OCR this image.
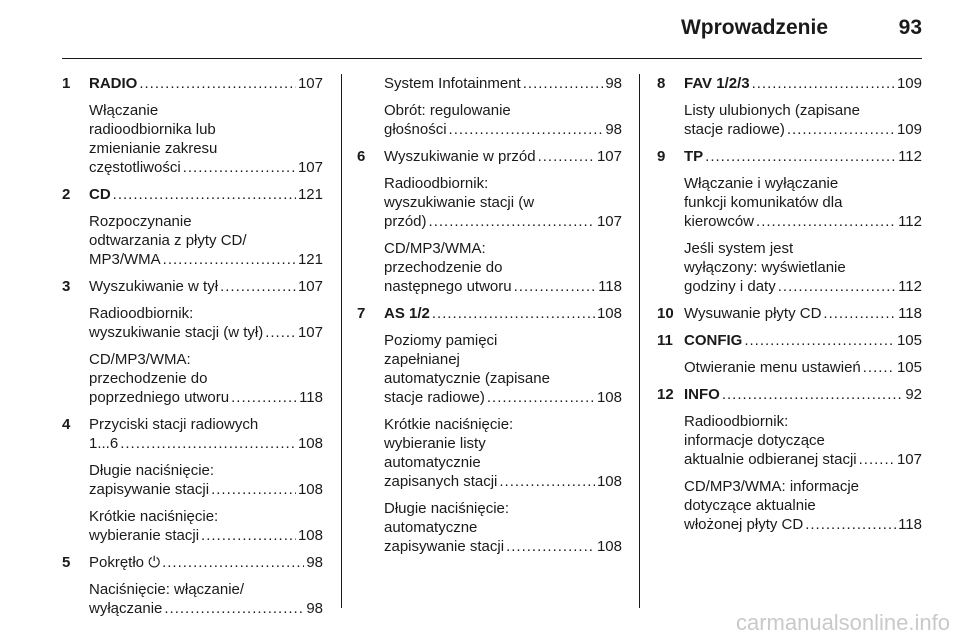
Wprowadzenie	93
1 RADIO .....	107
Włączanie
radioodbiornika lub
zmienianie zakresu
częstotliwości .....	107
2 CD .....	121
Rozpoczynanie
odtwarzania z płyty CD/
MP3/WMA .....	121
3 Wyszukiwanie w tył .....	107
Radioodbiornik:
wyszukiwanie stacji (w tył) ..... 107
CD/MP3/WMA:
przechodzenie do
poprzedniego utworu .....	118
4 Przyciski stacji radiowych
1...6 .....	108
Długie naciśnięcie:
zapisywanie stacji .....	108
Krótkie naciśnięcie:
wybieranie stacji .....	108
5 Pokrętło ⏻ .....	98
Naciśnięcie: włączanie/
wyłączanie .....	98
System Infotainment .....	98
Obrót: regulowanie
głośności .....	98
6 Wyszukiwanie w przód .....	107
Radioodbiornik:
wyszukiwanie stacji (w
przód) .....	107
CD/MP3/WMA:
przechodzenie do
następnego utworu .....	118
7 AS 1/2 .....	108
Poziomy pamięci
zapełnianej
automatycznie (zapisane
stacje radiowe) .....	108
Krótkie naciśnięcie:
wybieranie listy
automatycznie
zapisanych stacji .....	108
Długie naciśnięcie:
automatyczne
zapisywanie stacji .....	108
8 FAV 1/2/3 .....	109
Listy ulubionych (zapisane
stacje radiowe) .....	109
9 TP .....	112
Włączanie i wyłączanie
funkcji komunikatów dla
kierowców .....	112
Jeśli system jest
wyłączony: wyświetlanie
godziny i daty .....	112
10 Wysuwanie płyty CD .....	118
11 CONFIG .....	105
Otwieranie menu ustawień ..... 105
12 INFO .....	92
Radioodbiornik:
informacje dotyczące
aktualnie odbieranej stacji .....	107
CD/MP3/WMA: informacje
dotyczące aktualnie
włożonej płyty CD .....	118
carmanualsonline.info
